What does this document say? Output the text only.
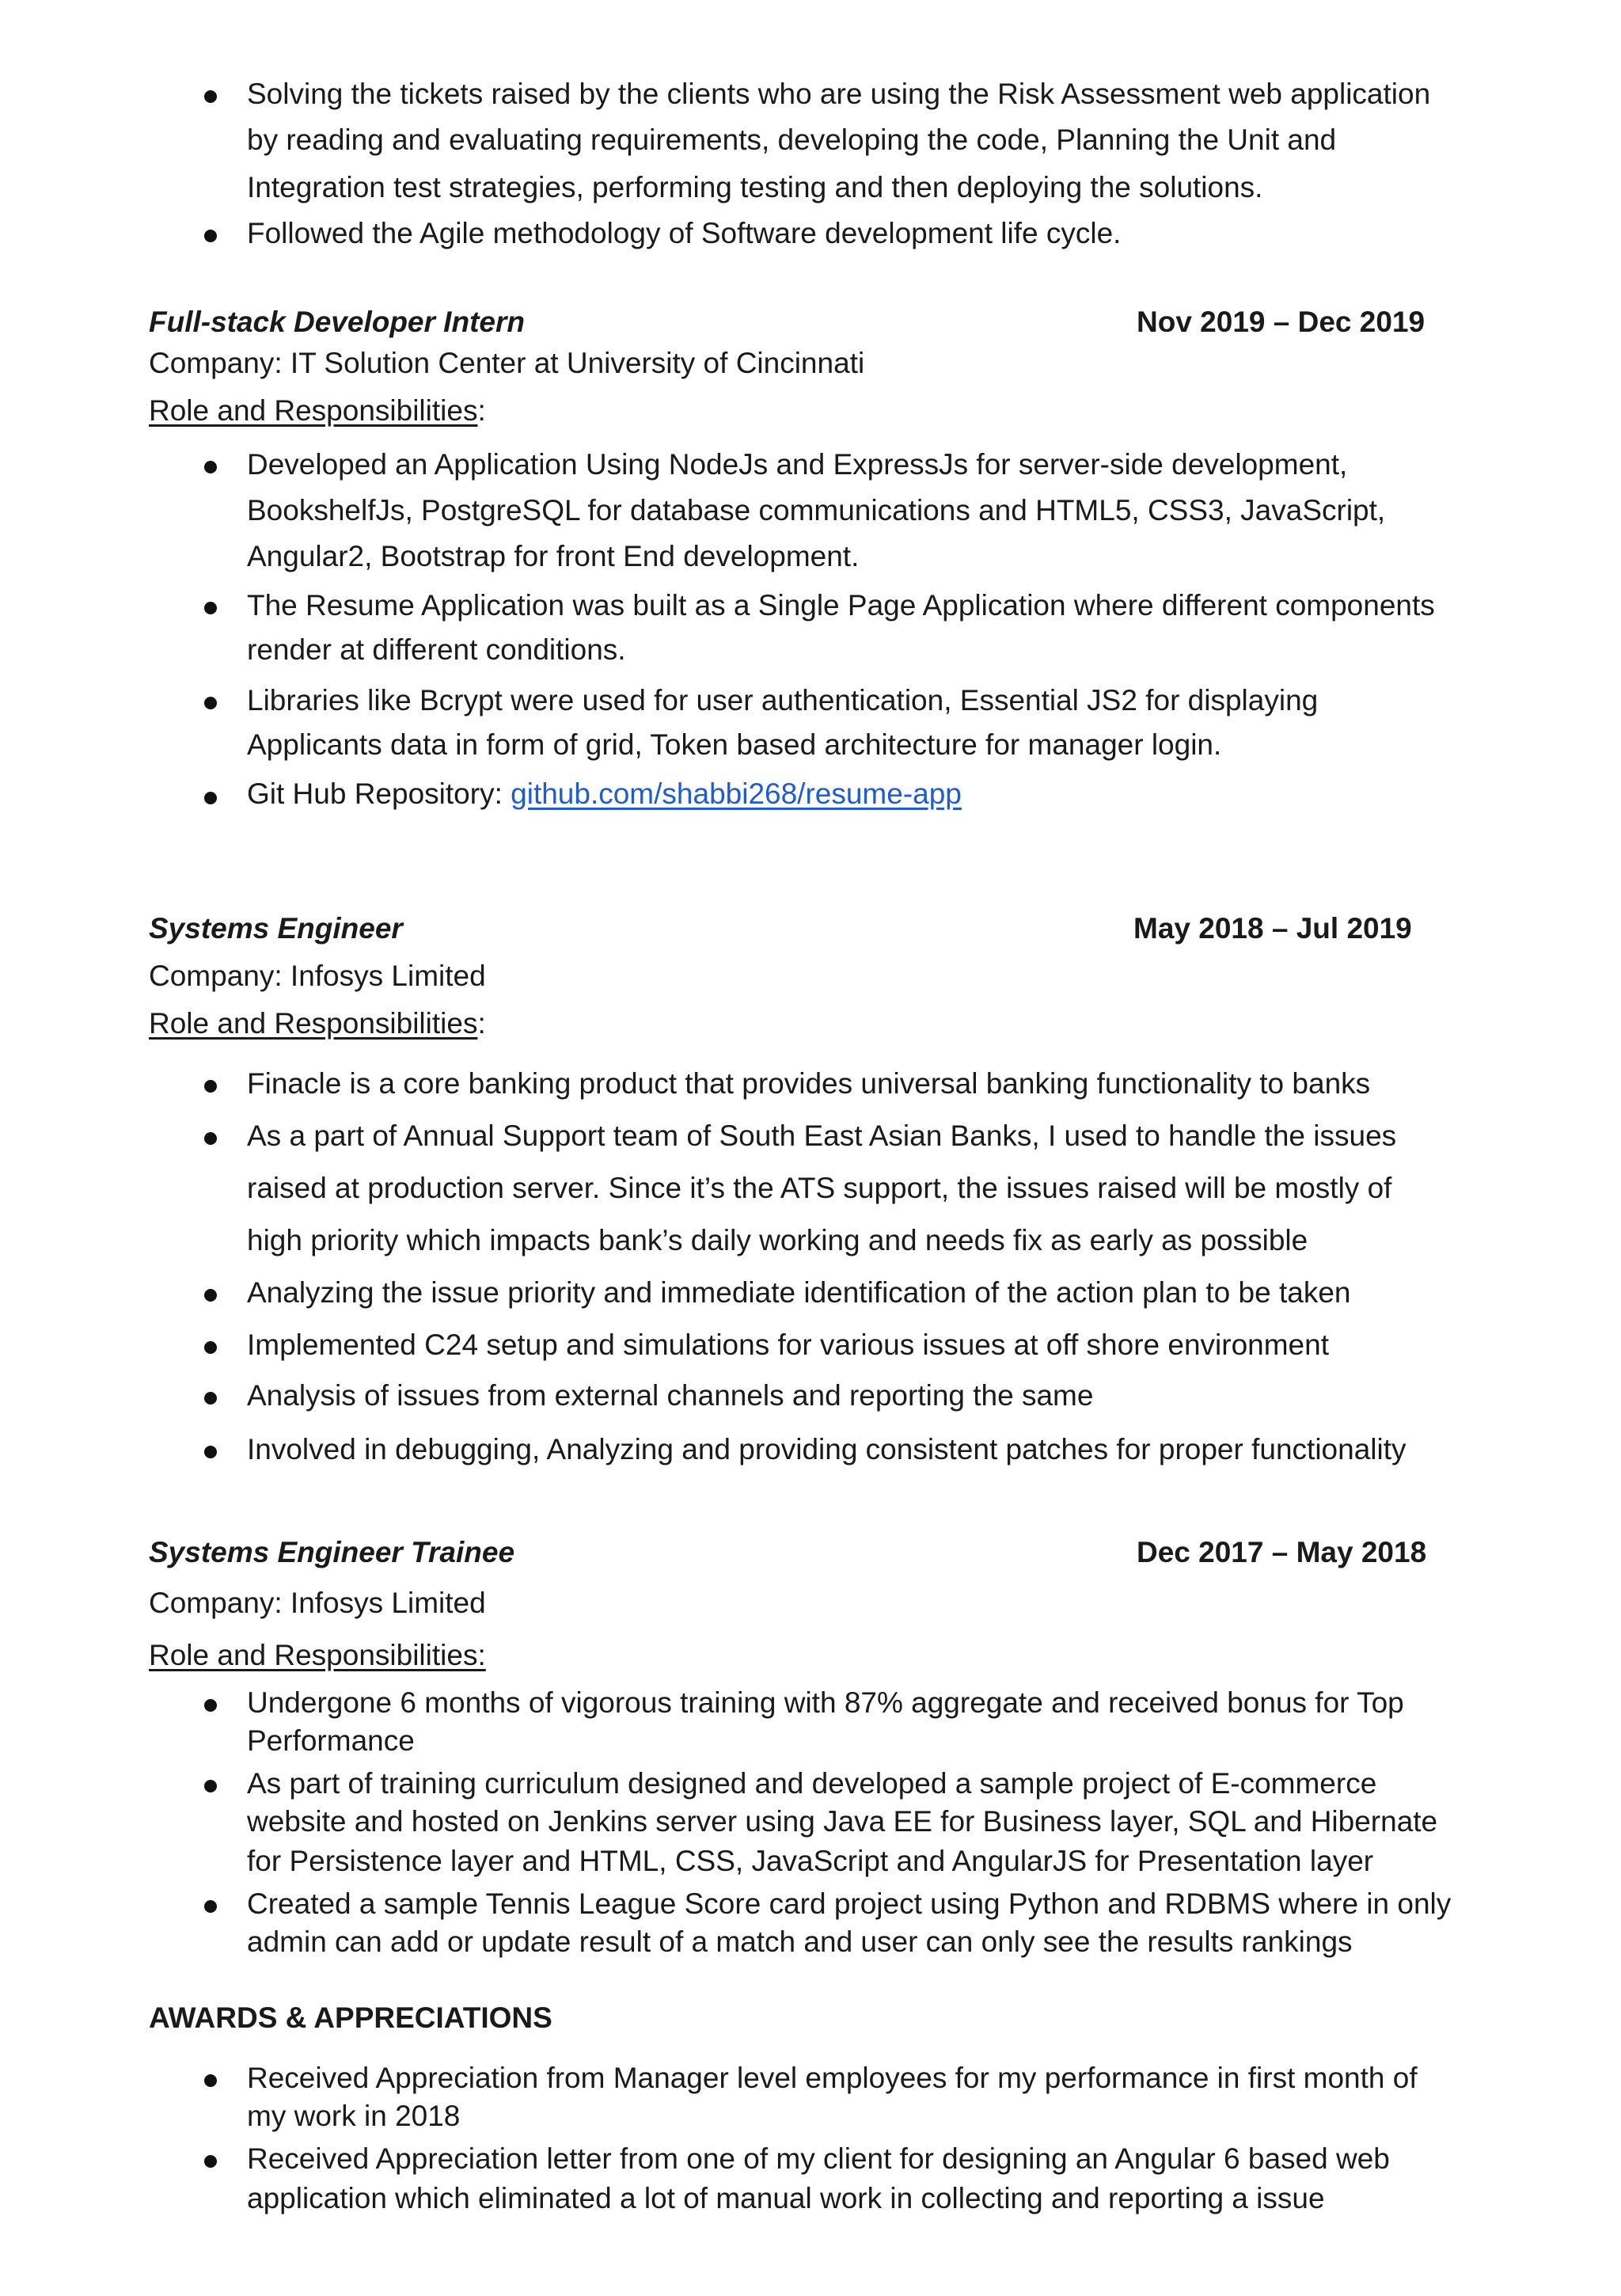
Solving the tickets raised by the clients who are using the Risk Assessment web application
by reading and evaluating requirements, developing the code, Planning the Unit and
Integration test strategies, performing testing and then deploying the solutions.
Followed the Agile methodology of Software development life cycle.
Full-stack Developer Intern	Nov 2019 – Dec 2019
Company: IT Solution Center at University of Cincinnati
Role and Responsibilities:
Developed an Application Using NodeJs and ExpressJs for server-side development,
BookshelfJs, PostgreSQL for database communications and HTML5, CSS3, JavaScript,
Angular2, Bootstrap for front End development.
The Resume Application was built as a Single Page Application where different components
render at different conditions.
Libraries like Bcrypt were used for user authentication, Essential JS2 for displaying
Applicants data in form of grid, Token based architecture for manager login.
Git Hub Repository: github.com/shabbi268/resume-app
Systems Engineer	May 2018 – Jul 2019
Company: Infosys Limited
Role and Responsibilities:
Finacle is a core banking product that provides universal banking functionality to banks
As a part of Annual Support team of South East Asian Banks, I used to handle the issues
raised at production server. Since it’s the ATS support, the issues raised will be mostly of
high priority which impacts bank’s daily working and needs fix as early as possible
Analyzing the issue priority and immediate identification of the action plan to be taken
Implemented C24 setup and simulations for various issues at off shore environment
Analysis of issues from external channels and reporting the same
Involved in debugging, Analyzing and providing consistent patches for proper functionality
Systems Engineer Trainee	Dec 2017 – May 2018
Company: Infosys Limited
Role and Responsibilities:
Undergone 6 months of vigorous training with 87% aggregate and received bonus for Top
Performance
As part of training curriculum designed and developed a sample project of E-commerce
website and hosted on Jenkins server using Java EE for Business layer, SQL and Hibernate
for Persistence layer and HTML, CSS, JavaScript and AngularJS for Presentation layer
Created a sample Tennis League Score card project using Python and RDBMS where in only
admin can add or update result of a match and user can only see the results rankings
AWARDS & APPRECIATIONS
Received Appreciation from Manager level employees for my performance in first month of
my work in 2018
Received Appreciation letter from one of my client for designing an Angular 6 based web
application which eliminated a lot of manual work in collecting and reporting a issue
